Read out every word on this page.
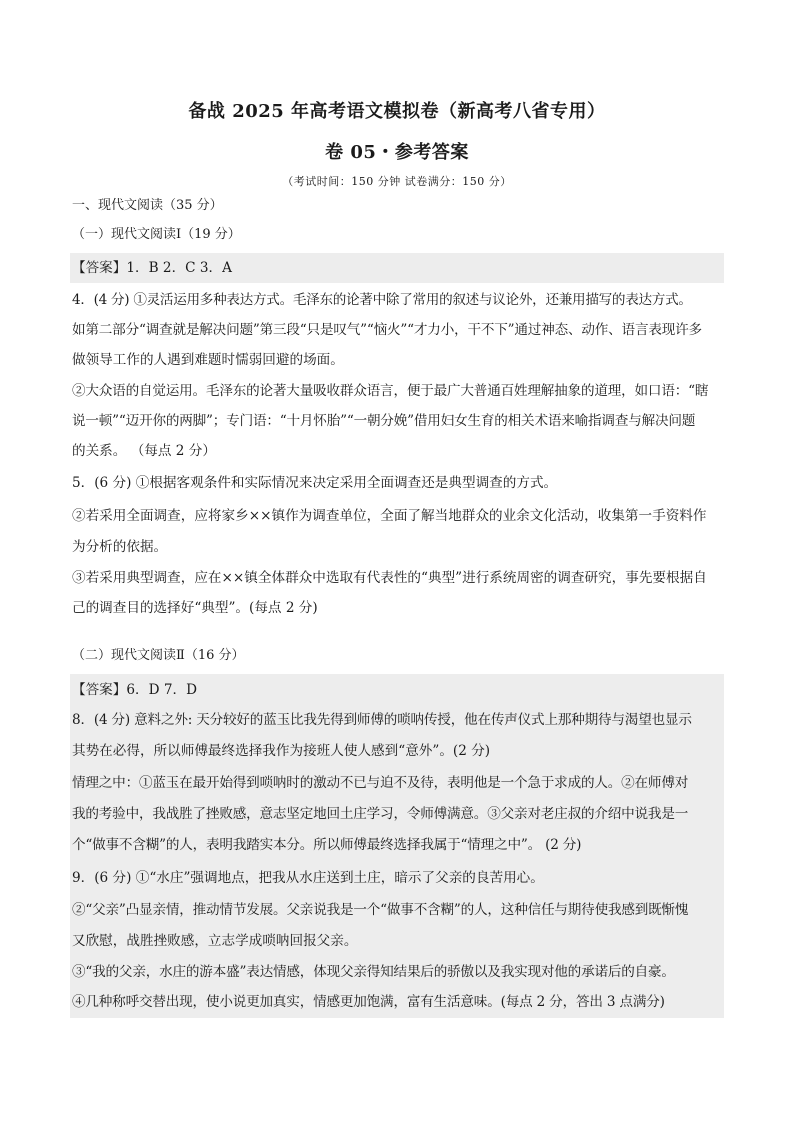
备战 2025 年高考语文模拟卷（新高考八省专用）
卷 05・参考答案
（考试时间：150 分钟 试卷满分：150 分）
一、现代文阅读（35 分）
（一）现代文阅读Ⅰ（19 分）
【答案】1．B 2．C 3．A
4．(4 分) ①灵活运用多种表达方式。毛泽东的论著中除了常用的叙述与议论外，还兼用描写的表达方式。
如第二部分“调查就是解决问题”第三段“只是叹气”“恼火”“才力小，干不下”通过神态、动作、语言表现许多
做领导工作的人遇到难题时懦弱回避的场面。
②大众语的自觉运用。毛泽东的论著大量吸收群众语言，便于最广大普通百姓理解抽象的道理，如口语：“瞎
说一顿”“迈开你的两脚”；专门语：“十月怀胎”“一朝分娩”借用妇女生育的相关术语来喻指调查与解决问题
的关系。 （每点 2 分）
5．(6 分) ①根据客观条件和实际情况来决定采用全面调查还是典型调查的方式。
②若采用全面调查，应将家乡××镇作为调查单位，全面了解当地群众的业余文化活动，收集第一手资料作
为分析的依据。
③若采用典型调查，应在××镇全体群众中选取有代表性的“典型”进行系统周密的调查研究，事先要根据自
己的调查目的选择好“典型”。(每点 2 分)
（二）现代文阅读Ⅱ（16 分）
【答案】6．D 7．D
8．(4 分) 意料之外: 天分较好的蓝玉比我先得到师傅的唢呐传授，他在传声仪式上那种期待与渴望也显示
其势在必得，所以师傅最终选择我作为接班人使人感到“意外”。(2 分)
情理之中：①蓝玉在最开始得到唢呐时的激动不已与迫不及待，表明他是一个急于求成的人。②在师傅对
我的考验中，我战胜了挫败感，意志坚定地回土庄学习，令师傅满意。③父亲对老庄叔的介绍中说我是一
个“做事不含糊”的人，表明我踏实本分。所以师傅最终选择我属于“情理之中”。 (2 分)
9．(6 分) ①“水庄”强调地点，把我从水庄送到土庄，暗示了父亲的良苦用心。
②“父亲”凸显亲情，推动情节发展。父亲说我是一个“做事不含糊”的人，这种信任与期待使我感到既惭愧
又欣慰，战胜挫败感，立志学成唢呐回报父亲。
③“我的父亲，水庄的游本盛”表达情感，体现父亲得知结果后的骄傲以及我实现对他的承诺后的自豪。
④几种称呼交替出现，使小说更加真实，情感更加饱满，富有生活意味。(每点 2 分，答出 3 点满分)
